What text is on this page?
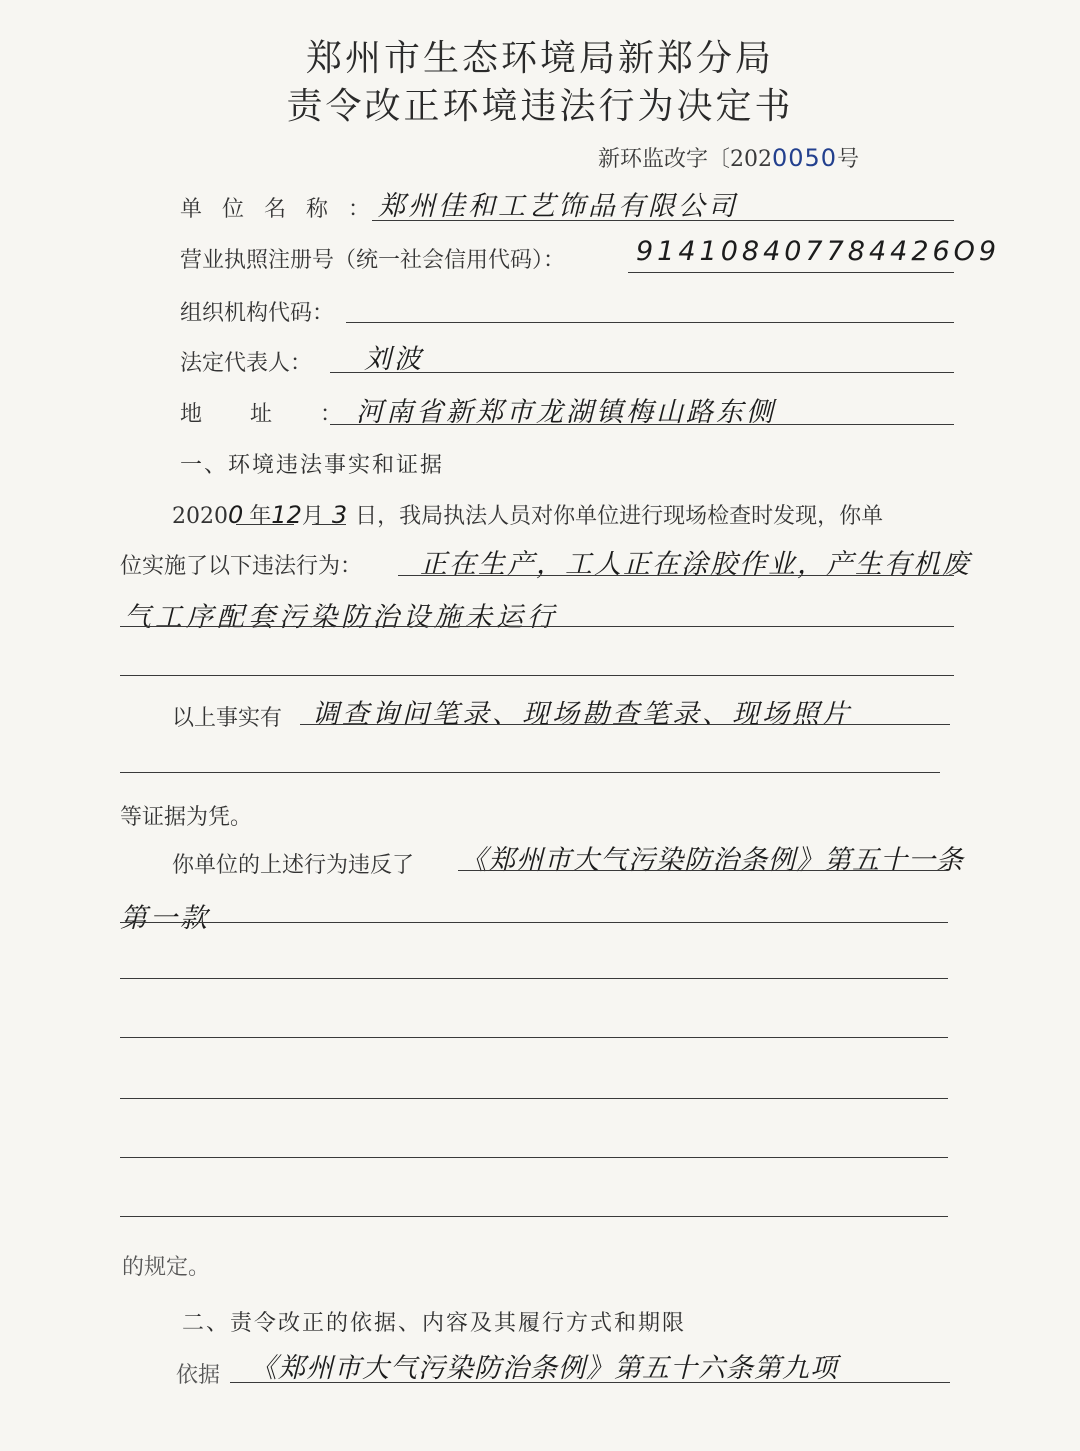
郑州市生态环境局新郑分局
责令改正环境违法行为决定书
新环监改字〔2020050号
单位名称：
郑州佳和工艺饰品有限公司
营业执照注册号（统一社会信用代码）：	914108407784426O9
组织机构代码：
法定代表人： 刘波
地址：
河南省新郑市龙湖镇梅山路东侧
一、环境违法事实和证据
20200 年12月 3 日，我局执法人员对你单位进行现场检查时发现，你单
位实施了以下违法行为： 正在生产，工人正在涂胶作业，产生有机废
气工序配套污染防治设施未运行
以上事实有 调查询问笔录、现场勘查笔录、现场照片
等证据为凭。
你单位的上述行为违反了 《郑州市大气污染防治条例》第五十一条
第一款
的规定。
二、责令改正的依据、内容及其履行方式和期限
依据 《郑州市大气污染防治条例》第五十六条第九项
